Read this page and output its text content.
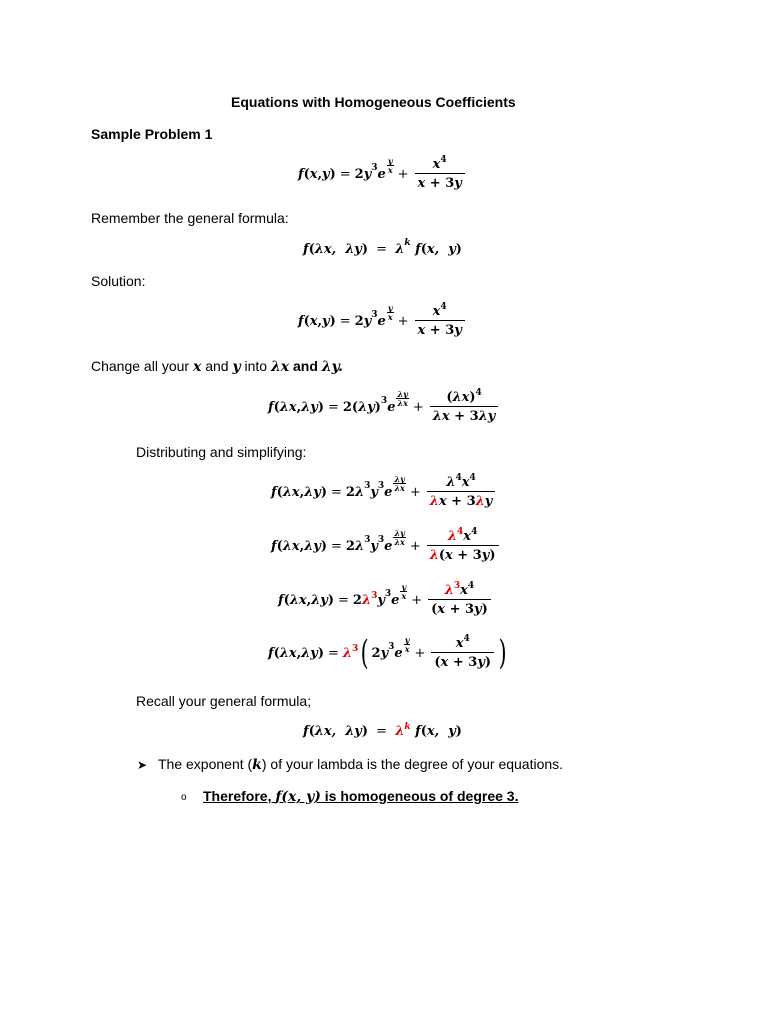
Equations with Homogeneous Coefficients
Sample Problem 1
f ( x , y ) = 2 y 3 e
y
$x + \frac{x^4}{x + 3y}$
Remember the general formula:
f ( λx,  λy ) = λ k f ( x,  y )
Solution:
f ( x , y ) = 2 y 3 e
y
$x + \frac{x^4}{x + 3y}$
Change all your x and y into λx and λy.
f ( λx , λy ) = 2( λy ) 3 e
λy
$\lambda x + \frac{(\lambda x)^4}{\lambda x + 3\lambda y}$
Distributing and simplifying:
f ( λx , λy ) = 2 λ 3 y 3 e
λy
$\lambda x + \frac{\lambda^4x^4}{\lambda x + 3\lambda y}$
f ( λx , λy ) = 2 λ 3 y 3 e
λy
$\lambda x + \frac{\lambda^4x^4}{\lambda(x + 3y)}$
f ( λx , λy ) = 2 $\lambda^3$ y 3 e
y
$x + \frac{\lambda^3x^4}{(x + 3y)}$
f ( λx , λy ) = $\lambda^3$ ( 2 y 3 e
y
$x + \frac{x^4}{(x + 3y)}$ )
Recall your general formula;
f ( λx,  λy ) = $\lambda^k$ f ( x,  y )
➤ The exponent (k) of your lambda is the degree of your equations.
o Therefore, f(x, y) is homogeneous of degree 3.
